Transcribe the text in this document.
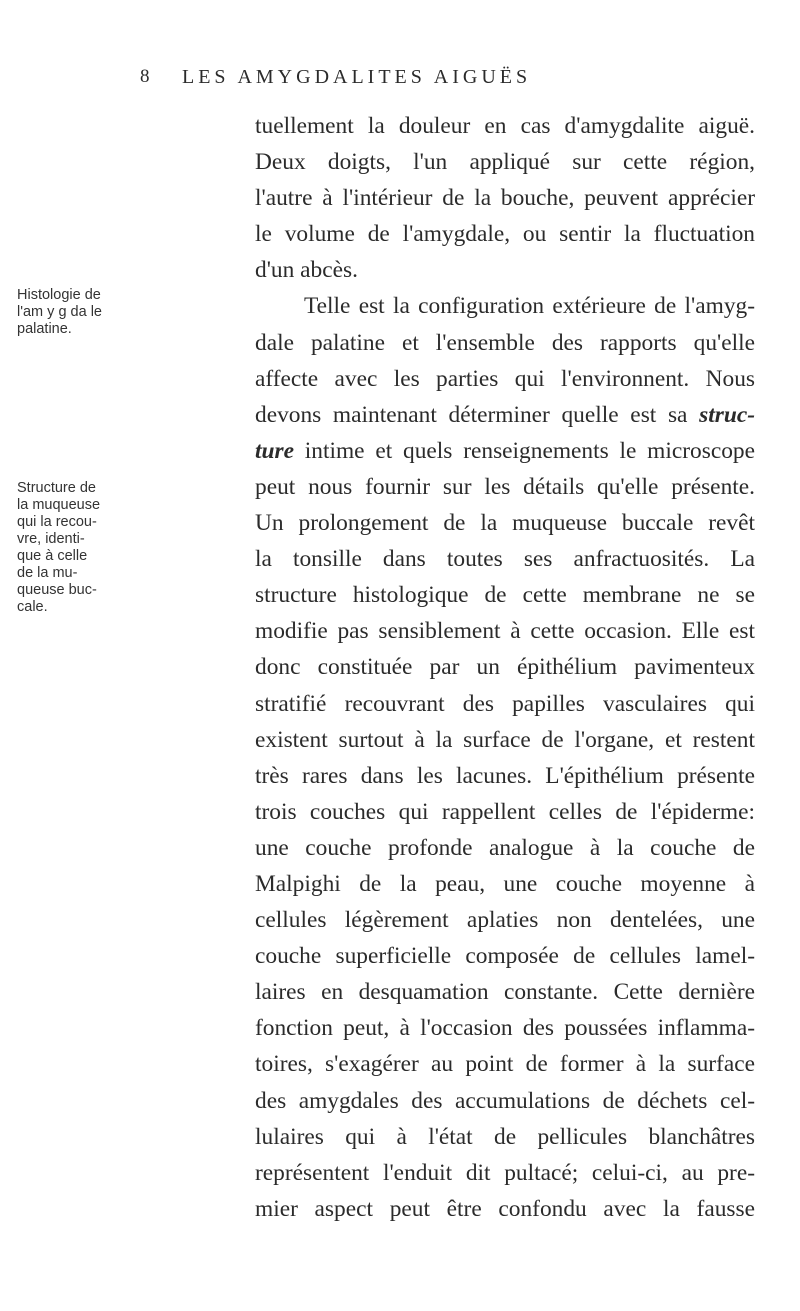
8 LES AMYGDALITES AIGUËS
Histologie de
l'am y g da le
palatine.
Structure de
la muqueuse
qui la recou-
vre, identi-
que à celle
de la mu-
queuse buc-
cale.
tuellement la douleur en cas d'amygdalite aiguë.
Deux doigts, l'un appliqué sur cette région,
l'autre à l'intérieur de la bouche, peuvent apprécier
le volume de l'amygdale, ou sentir la fluctuation
d'un abcès.
Telle est la configuration extérieure de l'amyg-
dale palatine et l'ensemble des rapports qu'elle
affecte avec les parties qui l'environnent. Nous
devons maintenant déterminer quelle est sa struc-
ture intime et quels renseignements le microscope
peut nous fournir sur les détails qu'elle présente.
Un prolongement de la muqueuse buccale revêt
la tonsille dans toutes ses anfractuosités. La
structure histologique de cette membrane ne se
modifie pas sensiblement à cette occasion. Elle est
donc constituée par un épithélium pavimenteux
stratifié recouvrant des papilles vasculaires qui
existent surtout à la surface de l'organe, et restent
très rares dans les lacunes. L'épithélium présente
trois couches qui rappellent celles de l'épiderme:
une couche profonde analogue à la couche de
Malpighi de la peau, une couche moyenne à
cellules légèrement aplaties non dentelées, une
couche superficielle composée de cellules lamel-
laires en desquamation constante. Cette dernière
fonction peut, à l'occasion des poussées inflamma-
toires, s'exagérer au point de former à la surface
des amygdales des accumulations de déchets cel-
lulaires qui à l'état de pellicules blanchâtres
représentent l'enduit dit pultacé; celui-ci, au pre-
mier aspect peut être confondu avec la fausse
